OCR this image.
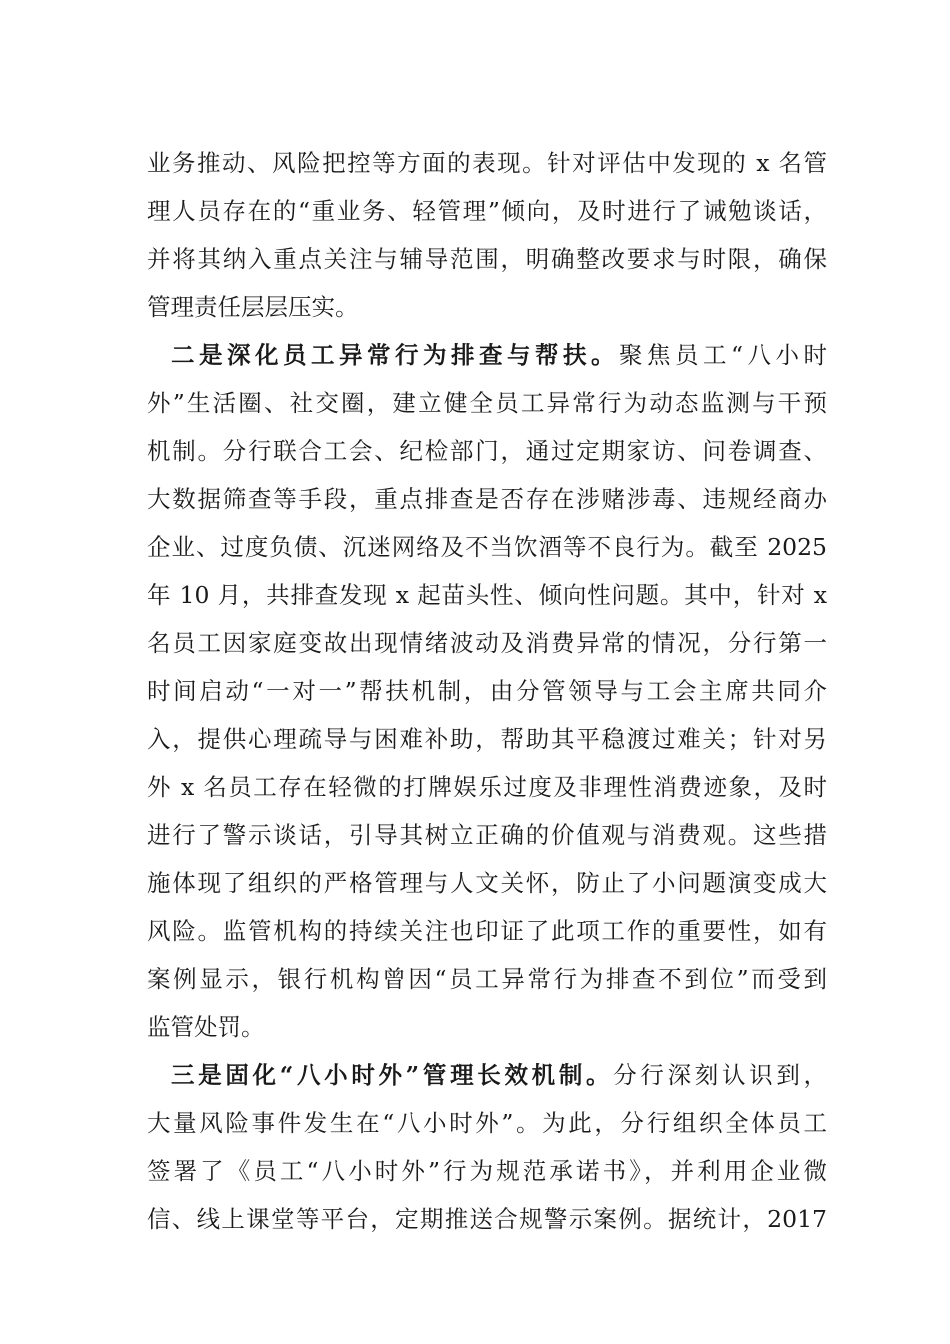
业务推动、风险把控等方面的表现。针对评估中发现的 x 名管
理人员存在的“重业务、轻管理”倾向，及时进行了诫勉谈话，
并将其纳入重点关注与辅导范围，明确整改要求与时限，确保
管理责任层层压实。
二是深化员工异常行为排查与帮扶。聚焦员工“八小时
外”生活圈、社交圈，建立健全员工异常行为动态监测与干预
机制。分行联合工会、纪检部门，通过定期家访、问卷调查、
大数据筛查等手段，重点排查是否存在涉赌涉毒、违规经商办
企业、过度负债、沉迷网络及不当饮酒等不良行为。截至 2025
年 10 月，共排查发现 x 起苗头性、倾向性问题。其中，针对 x
名员工因家庭变故出现情绪波动及消费异常的情况，分行第一
时间启动“一对一”帮扶机制，由分管领导与工会主席共同介
入，提供心理疏导与困难补助，帮助其平稳渡过难关；针对另
外 x 名员工存在轻微的打牌娱乐过度及非理性消费迹象，及时
进行了警示谈话，引导其树立正确的价值观与消费观。这些措
施体现了组织的严格管理与人文关怀，防止了小问题演变成大
风险。监管机构的持续关注也印证了此项工作的重要性，如有
案例显示，银行机构曾因“员工异常行为排查不到位”而受到
监管处罚。
三是固化“八小时外”管理长效机制。分行深刻认识到，
大量风险事件发生在“八小时外”。为此，分行组织全体员工
签署了《员工“八小时外”行为规范承诺书》，并利用企业微
信、线上课堂等平台，定期推送合规警示案例。据统计，2017
